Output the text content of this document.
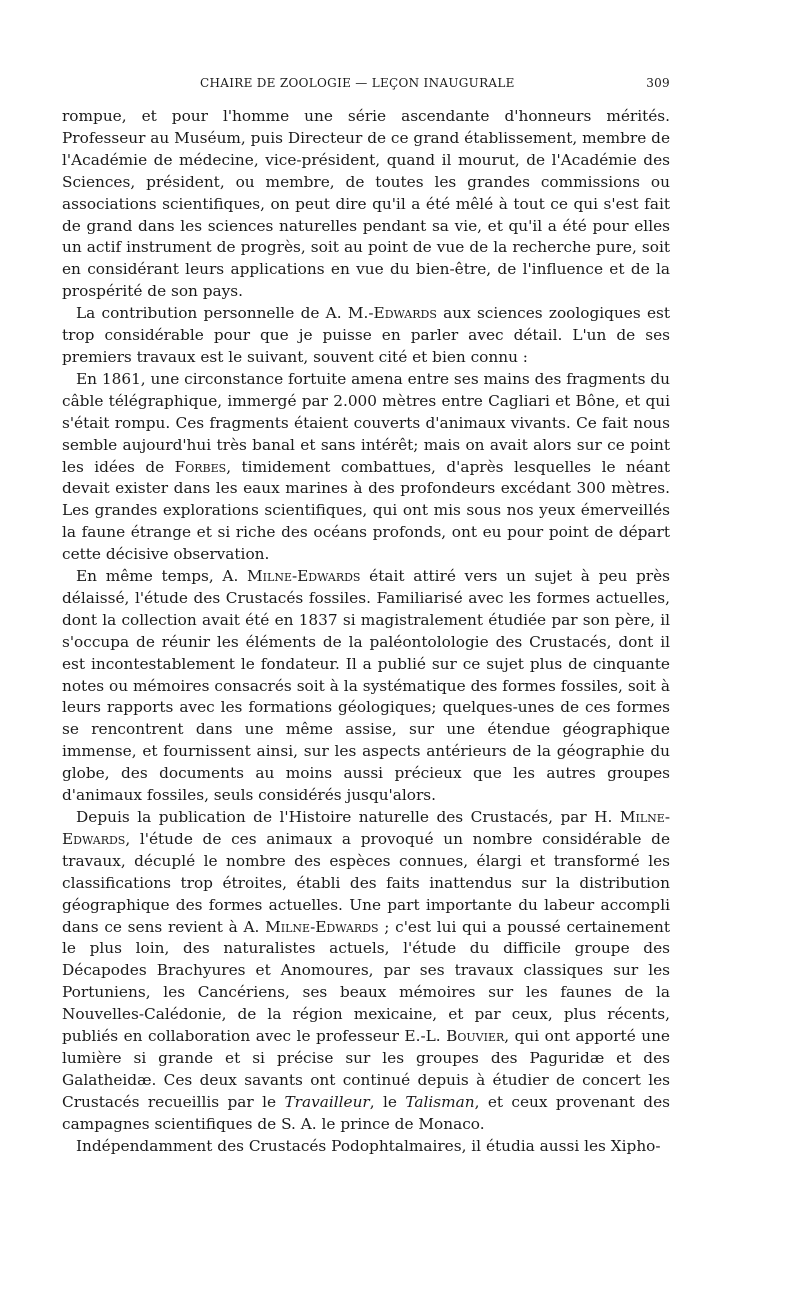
CHAIRE DE ZOOLOGIE — LEÇON INAUGURALE	309

rompue, et pour l'homme une série ascendante d'honneurs mérités. Professeur au Muséum, puis Directeur de ce grand établissement, membre de l'Académie de médecine, vice-président, quand il mourut, de l'Académie des Sciences, président, ou membre, de toutes les grandes commissions ou associations scientifiques, on peut dire qu'il a été mêlé à tout ce qui s'est fait de grand dans les sciences naturelles pendant sa vie, et qu'il a été pour elles un actif instrument de progrès, soit au point de vue de la recherche pure, soit en considérant leurs applications en vue du bien-être, de l'influence et de la prospérité de son pays.

La contribution personnelle de A. M.-Edwards aux sciences zoologiques est trop considérable pour que je puisse en parler avec détail. L'un de ses premiers travaux est le suivant, souvent cité et bien connu :

En 1861, une circonstance fortuite amena entre ses mains des fragments du câble télégraphique, immergé par 2.000 mètres entre Cagliari et Bône, et qui s'était rompu. Ces fragments étaient couverts d'animaux vivants. Ce fait nous semble aujourd'hui très banal et sans intérêt; mais on avait alors sur ce point les idées de Forbes, timidement combattues, d'après lesquelles le néant devait exister dans les eaux marines à des profondeurs excédant 300 mètres. Les grandes explorations scientifiques, qui ont mis sous nos yeux émerveillés la faune étrange et si riche des océans profonds, ont eu pour point de départ cette décisive observation.

En même temps, A. Milne-Edwards était attiré vers un sujet à peu près délaissé, l'étude des Crustacés fossiles. Familiarisé avec les formes actuelles, dont la collection avait été en 1837 si magistralement étudiée par son père, il s'occupa de réunir les éléments de la paléontolologie des Crustacés, dont il est incontestablement le fondateur. Il a publié sur ce sujet plus de cinquante notes ou mémoires consacrés soit à la systématique des formes fossiles, soit à leurs rapports avec les formations géologiques; quelques-unes de ces formes se rencontrent dans une même assise, sur une étendue géographique immense, et fournissent ainsi, sur les aspects antérieurs de la géographie du globe, des documents au moins aussi précieux que les autres groupes d'animaux fossiles, seuls considérés jusqu'alors.

Depuis la publication de l'Histoire naturelle des Crustacés, par H. Milne-Edwards, l'étude de ces animaux a provoqué un nombre considérable de travaux, décuplé le nombre des espèces connues, élargi et transformé les classifications trop étroites, établi des faits inattendus sur la distribution géographique des formes actuelles. Une part importante du labeur accompli dans ce sens revient à A. Milne-Edwards ; c'est lui qui a poussé certainement le plus loin, des naturalistes actuels, l'étude du difficile groupe des Décapodes Brachyures et Anomoures, par ses travaux classiques sur les Portuniens, les Cancériens, ses beaux mémoires sur les faunes de la Nouvelles-Calédonie, de la région mexicaine, et par ceux, plus récents, publiés en collaboration avec le professeur E.-L. Bouvier, qui ont apporté une lumière si grande et si précise sur les groupes des Paguridæ et des Galatheidæ. Ces deux savants ont continué depuis à étudier de concert les Crustacés recueillis par le Travailleur, le Talisman, et ceux provenant des campagnes scientifiques de S. A. le prince de Monaco.

Indépendamment des Crustacés Podophtalmaires, il étudia aussi les Xipho-
